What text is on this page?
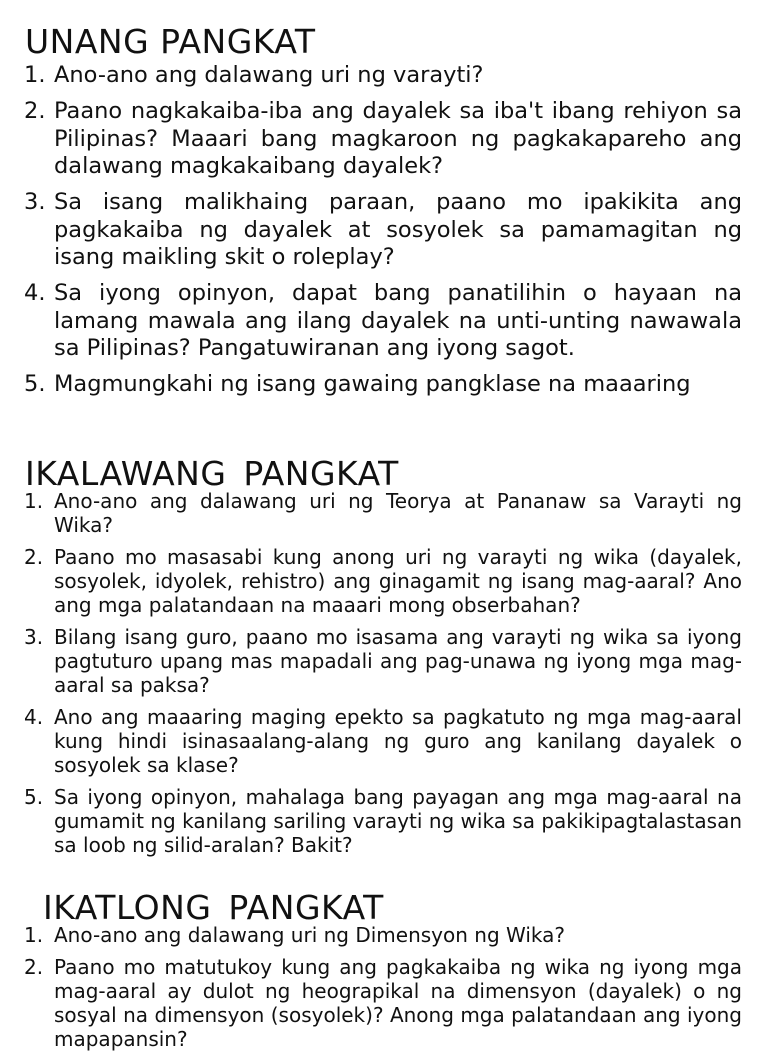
UNANG PANGKAT
1. Ano-ano ang dalawang uri ng varayti?
2. Paano nagkakaiba-iba ang dayalek sa iba't ibang rehiyon sa Pilipinas? Maaari bang magkaroon ng pagkakapareho ang dalawang magkakaibang dayalek?
3. Sa isang malikhaing paraan, paano mo ipakikita ang pagkakaiba ng dayalek at sosyolek sa pamamagitan ng isang maikling skit o roleplay?
4. Sa iyong opinyon, dapat bang panatilihin o hayaan na lamang mawala ang ilang dayalek na unti-unting nawawala sa Pilipinas? Pangatuwiranan ang iyong sagot.
5. Magmungkahi ng isang gawaing pangklase na maaaring
IKALAWANG PANGKAT
1. Ano-ano ang dalawang uri ng Teorya at Pananaw sa Varayti ng Wika?
2. Paano mo masasabi kung anong uri ng varayti ng wika (dayalek, sosyolek, idyolek, rehistro) ang ginagamit ng isang mag-aaral? Ano ang mga palatandaan na maaari mong obserbahan?
3. Bilang isang guro, paano mo isasama ang varayti ng wika sa iyong pagtuturo upang mas mapadali ang pag-unawa ng iyong mga mag-aaral sa paksa?
4. Ano ang maaaring maging epekto sa pagkatuto ng mga mag-aaral kung hindi isinasaalang-alang ng guro ang kanilang dayalek o sosyolek sa klase?
5. Sa iyong opinyon, mahalaga bang payagan ang mga mag-aaral na gumamit ng kanilang sariling varayti ng wika sa pakikipagtalastasan sa loob ng silid-aralan? Bakit?
IKATLONG PANGKAT
1. Ano-ano ang dalawang uri ng Dimensyon ng Wika?
2. Paano mo matutukoy kung ang pagkakaiba ng wika ng iyong mga mag-aaral ay dulot ng heograpikal na dimensyon (dayalek) o ng sosyal na dimensyon (sosyolek)? Anong mga palatandaan ang iyong mapapansin?
